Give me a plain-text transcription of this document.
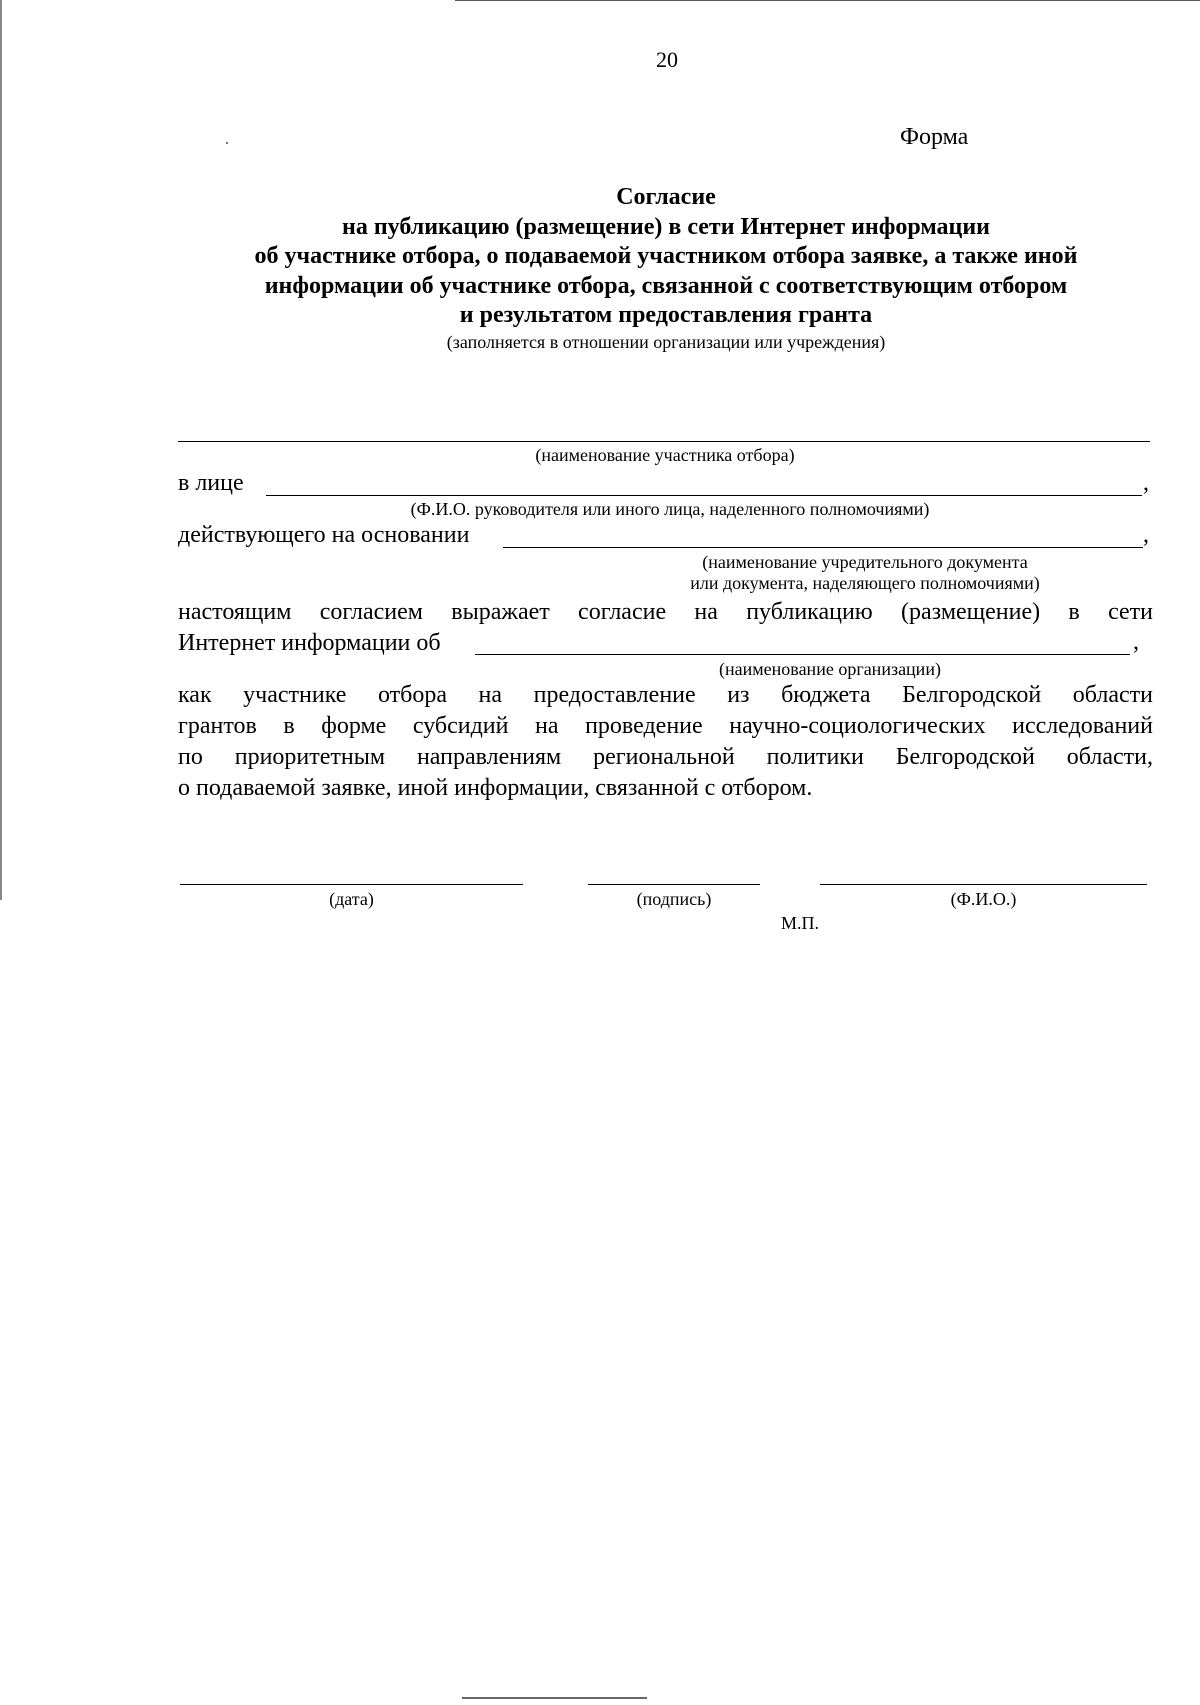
20
Форма
Согласие
на публикацию (размещение) в сети Интернет информации
об участнике отбора, о подаваемой участником отбора заявке, а также иной
информации об участнике отбора, связанной с соответствующим отбором
и результатом предоставления гранта
(заполняется в отношении организации или учреждения)
(наименование участника отбора)
в лице	,
(Ф.И.О. руководителя или иного лица, наделенного полномочиями)
действующего на основании	,
(наименование учредительного документа
или документа, наделяющего полномочиями)
настоящим согласием выражает согласие на публикацию (размещение) в сети
Интернет информации об	,
(наименование организации)
как участнике отбора на предоставление из бюджета Белгородской области
грантов в форме субсидий на проведение научно-социологических исследований
по приоритетным направлениям региональной политики Белгородской области,
о подаваемой заявке, иной информации, связанной с отбором.
(дата)	(подпись)	(Ф.И.О.)
М.П.
